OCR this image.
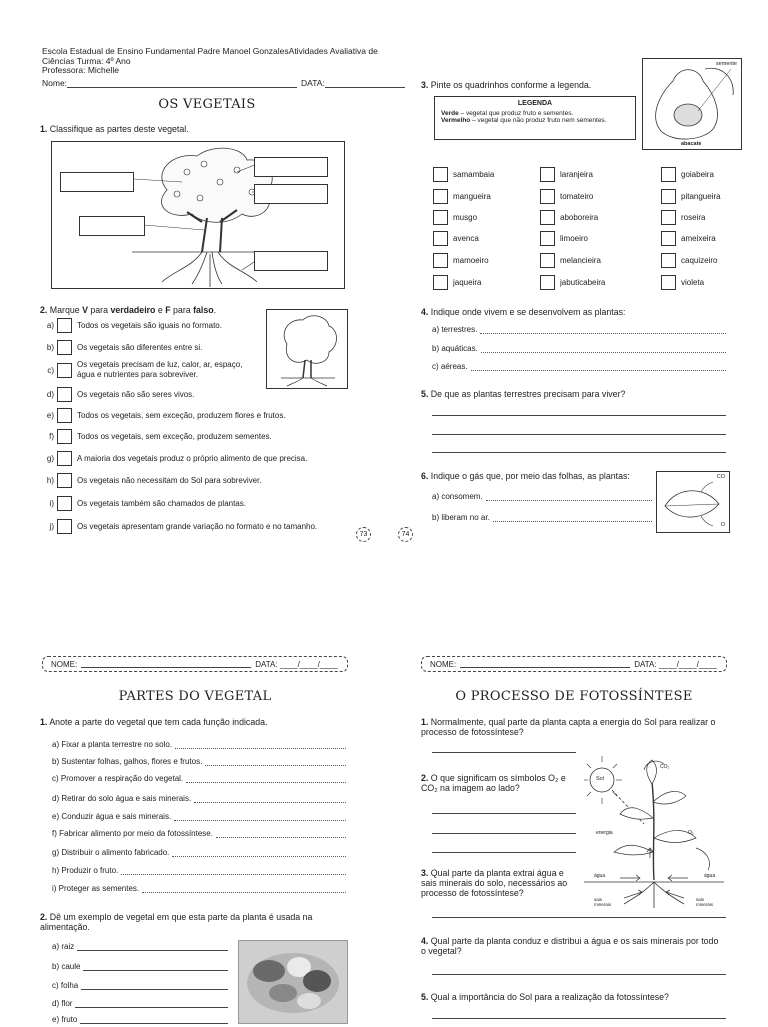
Escola Estadual de Ensino Fundamental Padre Manoel GonzalesAtividades Avaliativa de
Ciências Turma: 4º Ano
Professora: Michelle
Nome:	DATA:
OS VEGETAIS
1. Classifique as partes deste vegetal.
2. Marque V para verdadeiro e F para falso.
a)	Todos os vegetais são iguais no formato.
b)	Os vegetais são diferentes entre si.
c)
Os vegetais precisam de luz, calor, ar, espaço, água e nutrientes para sobreviver.
d)	Os vegetais não são seres vivos.
e)	Todos os vegetais, sem exceção, produzem flores e frutos.
f)	Todos os vegetais, sem exceção, produzem sementes.
g)	A maioria dos vegetais produz o próprio alimento de que precisa.
h)	Os vegetais não necessitam do Sol para sobreviver.
i)	Os vegetais também são chamados de plantas.
j)	Os vegetais apresentam grande variação no formato e no tamanho.
73	74
3. Pinte os quadrinhos conforme a legenda.
LEGENDA
Verde – vegetal que produz fruto e sementes.
Vermelho – vegetal que não produz fruto nem sementes.
semente
abacate
samambaia	laranjeira	goiabeira
mangueira	tomateiro	pitangueira
musgo	aboboreira	roseira
avenca	limoeiro	ameixeira
mamoeiro	melancieira	caquizeiro
jaqueira	jabuticabeira	violeta
4. Indique onde vivem e se desenvolvem as plantas:
a) terrestres.
b) aquáticas.
c) aéreas.
5. De que as plantas terrestres precisam para viver?
6. Indique o gás que, por meio das folhas, as plantas:
a) consomem.
b) liberam no ar.
CO
O
NOME:	DATA: ____/____/____
PARTES DO VEGETAL
1. Anote a parte do vegetal que tem cada função indicada.
a) Fixar a planta terrestre no solo.
b) Sustentar folhas, galhos, flores e frutos.
c) Promover a respiração do vegetal.
d) Retirar do solo água e sais minerais.
e) Conduzir água e sais minerais.
f) Fabricar alimento por meio da fotossíntese.
g) Distribuir o alimento fabricado.
h) Produzir o fruto.
i) Proteger as sementes.
2. Dê um exemplo de vegetal em que esta parte da planta é usada na alimentação.
a) raiz
b) caule
c) folha
d) flor
e) fruto
NOME:	DATA: ____/____/____
O PROCESSO DE FOTOSSÍNTESE
1. Normalmente, qual parte da planta capta a energia do Sol para realizar o processo de fotossíntese?
2. O que significam os símbolos O₂ e CO₂ na imagem ao lado?
3. Qual parte da planta extrai água e sais minerais do solo, necessários ao processo de fotossíntese?
4. Qual parte da planta conduz e distribui a água e os sais minerais por todo o vegetal?
5. Qual a importância do Sol para a realização da fotossíntese?
Sol
energia
água	água
sais minerais
sais minerais
CO₂
O₂
